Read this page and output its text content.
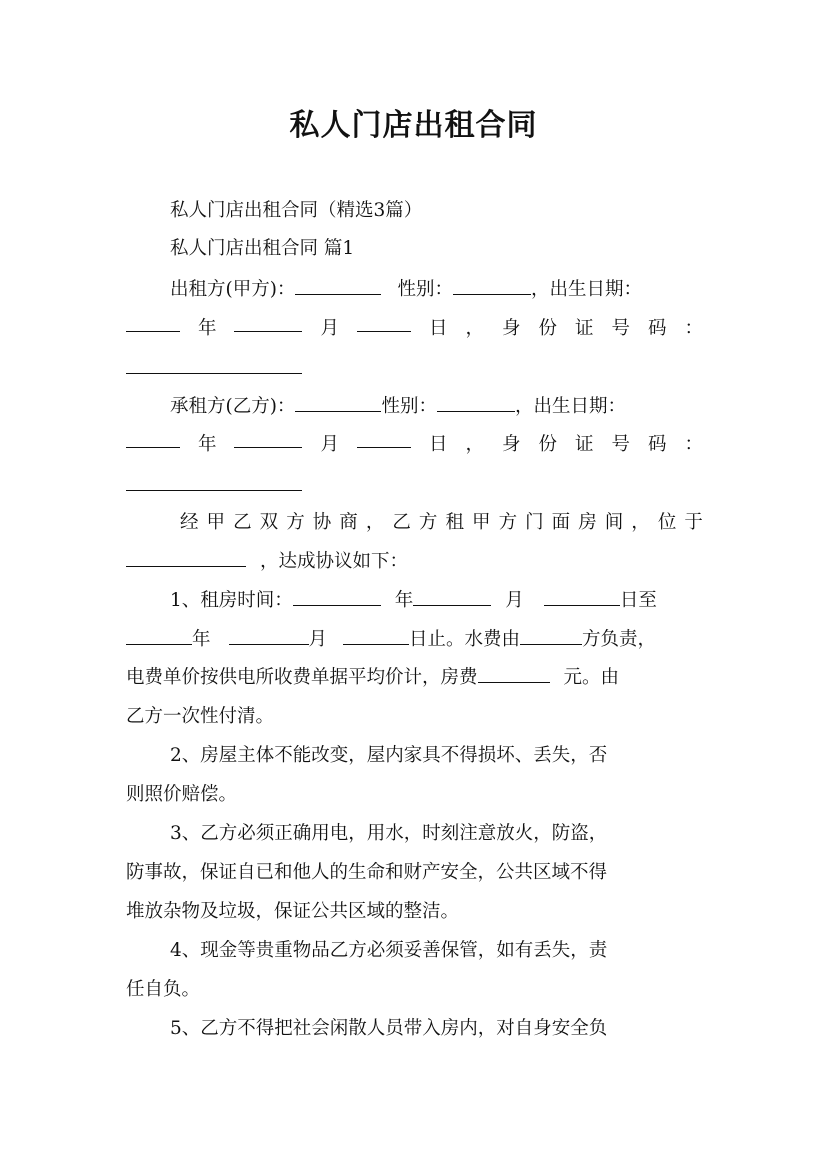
私人门店出租合同
私人门店出租合同（精选3篇）
私人门店出租合同 篇1
出租方(甲方)：	性别：	，出生日期：
年	月	日 ， 身 份 证 号 码 ：
承租方(乙方)：	性别：	，出生日期：
年	月	日 ， 身 份 证 号 码 ：
经 甲 乙 双 方 协 商 ， 乙 方 租 甲 方 门 面 房 间 ， 位 于
，达成协议如下：
1、租房时间：	年	月	日至
年	月	日止。水费由	方负责，
电费单价按供电所收费单据平均价计，房费	元。由
乙方一次性付清。
2、房屋主体不能改变，屋内家具不得损坏、丢失，否
则照价赔偿。
3、乙方必须正确用电，用水，时刻注意放火，防盗，
防事故，保证自已和他人的生命和财产安全，公共区域不得
堆放杂物及垃圾，保证公共区域的整洁。
4、现金等贵重物品乙方必须妥善保管，如有丢失，责
任自负。
5、乙方不得把社会闲散人员带入房内，对自身安全负
